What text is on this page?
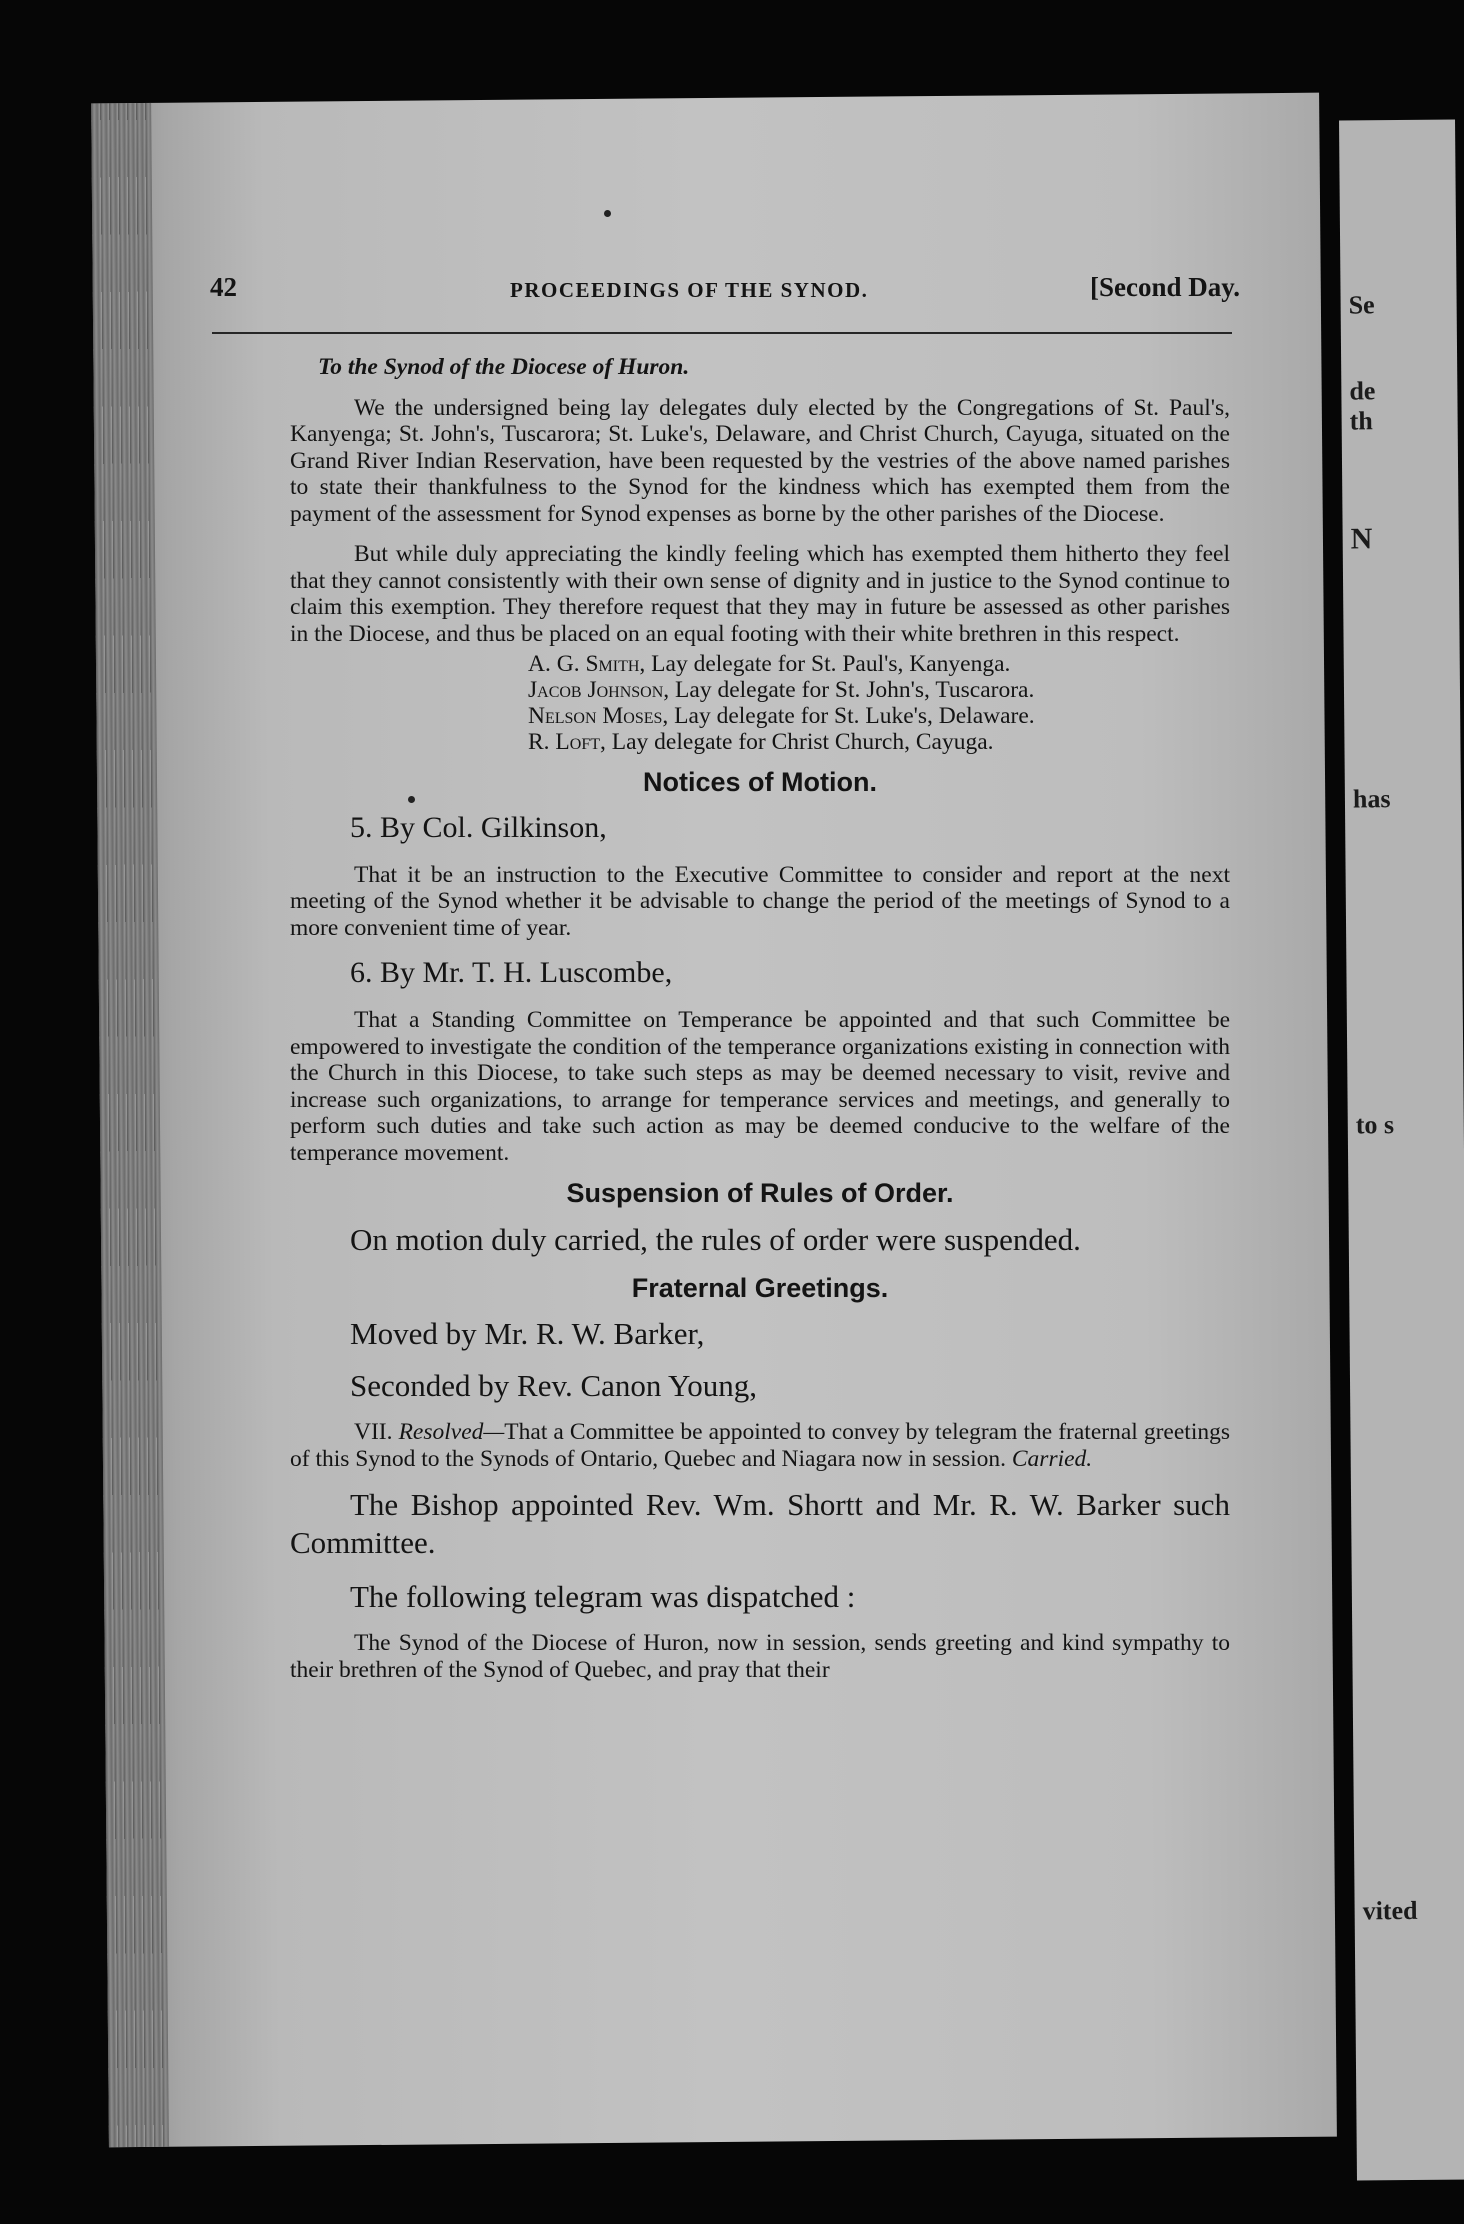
Se
de
th
N
has
to s
vited
42	PROCEEDINGS OF THE SYNOD.	[Second Day.
To the Synod of the Diocese of Huron.

We the undersigned being lay delegates duly elected by the Congregations of St. Paul's, Kanyenga; St. John's, Tuscarora; St. Luke's, Delaware, and Christ Church, Cayuga, situated on the Grand River Indian Reservation, have been requested by the vestries of the above named parishes to state their thankfulness to the Synod for the kindness which has exempted them from the payment of the assessment for Synod expenses as borne by the other parishes of the Diocese.

But while duly appreciating the kindly feeling which has exempted them hitherto they feel that they cannot consistently with their own sense of dignity and in justice to the Synod continue to claim this exemption. They therefore request that they may in future be assessed as other parishes in the Diocese, and thus be placed on an equal footing with their white brethren in this respect.

A. G. Smith, Lay delegate for St. Paul's, Kanyenga.
Jacob Johnson, Lay delegate for St. John's, Tuscarora.
Nelson Moses, Lay delegate for St. Luke's, Delaware.
R. Loft, Lay delegate for Christ Church, Cayuga.
Notices of Motion.
5. By Col. Gilkinson,

That it be an instruction to the Executive Committee to consider and report at the next meeting of the Synod whether it be advisable to change the period of the meetings of Synod to a more convenient time of year.

6. By Mr. T. H. Luscombe,

That a Standing Committee on Temperance be appointed and that such Committee be empowered to investigate the condition of the temperance organizations existing in connection with the Church in this Diocese, to take such steps as may be deemed necessary to visit, revive and increase such organizations, to arrange for temperance services and meetings, and generally to perform such duties and take such action as may be deemed conducive to the welfare of the temperance movement.

Suspension of Rules of Order.

On motion duly carried, the rules of order were suspended.

Fraternal Greetings.
Moved by Mr. R. W. Barker,
Seconded by Rev. Canon Young,

VII. Resolved—That a Committee be appointed to convey by telegram the fraternal greetings of this Synod to the Synods of Ontario, Quebec and Niagara now in session. Carried.

The Bishop appointed Rev. Wm. Shortt and Mr. R. W. Barker such Committee.

The following telegram was dispatched :

The Synod of the Diocese of Huron, now in session, sends greeting and kind sympathy to their brethren of the Synod of Quebec, and pray that their
